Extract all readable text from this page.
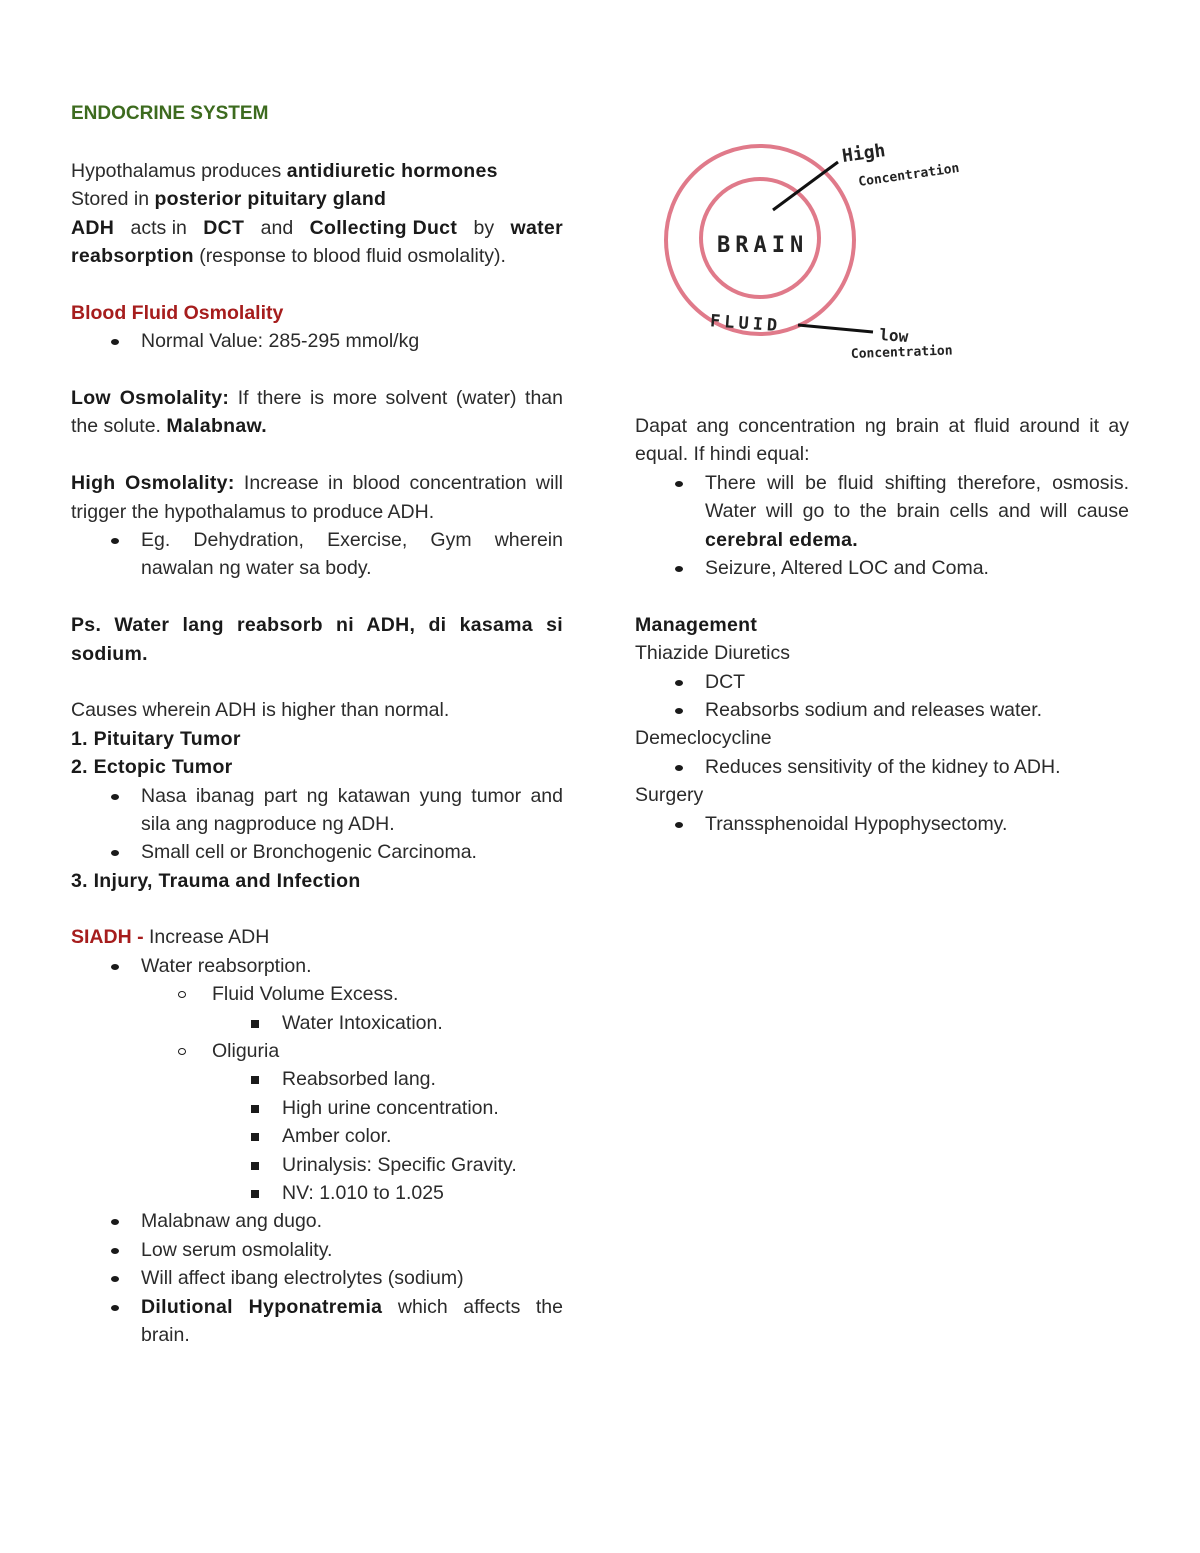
ENDOCRINE SYSTEM
Hypothalamus produces antidiuretic hormones
Stored in posterior pituitary gland
ADH acts in DCT and Collecting Duct by water
reabsorption (response to blood fluid osmolality).
Blood Fluid Osmolality
Normal Value: 285-295 mmol/kg
Low Osmolality: If there is more solvent (water) than the solute. Malabnaw.
High Osmolality: Increase in blood concentration will trigger the hypothalamus to produce ADH.
Eg. Dehydration, Exercise, Gym wherein nawalan ng water sa body.
Ps. Water lang reabsorb ni ADH, di kasama si sodium.
Causes wherein ADH is higher than normal.
1. Pituitary Tumor
2. Ectopic Tumor
Nasa ibanag part ng katawan yung tumor and sila ang nagproduce ng ADH.
Small cell or Bronchogenic Carcinoma.
3. Injury, Trauma and Infection
SIADH - Increase ADH
Water reabsorption.
Fluid Volume Excess.
Water Intoxication.
Oliguria
Reabsorbed lang.
High urine concentration.
Amber color.
Urinalysis: Specific Gravity.
NV: 1.010 to 1.025
Malabnaw ang dugo.
Low serum osmolality.
Will affect ibang electrolytes (sodium)
Dilutional Hyponatremia which affects the brain.
BRAIN
FLUID
High
Concentration
low
Concentration
Dapat ang concentration ng brain at fluid around it ay equal. If hindi equal:
There will be fluid shifting therefore, osmosis. Water will go to the brain cells and will cause cerebral edema.
Seizure, Altered LOC and Coma.
Management
Thiazide Diuretics
DCT
Reabsorbs sodium and releases water.
Demeclocycline
Reduces sensitivity of the kidney to ADH.
Surgery
Transsphenoidal Hypophysectomy.
